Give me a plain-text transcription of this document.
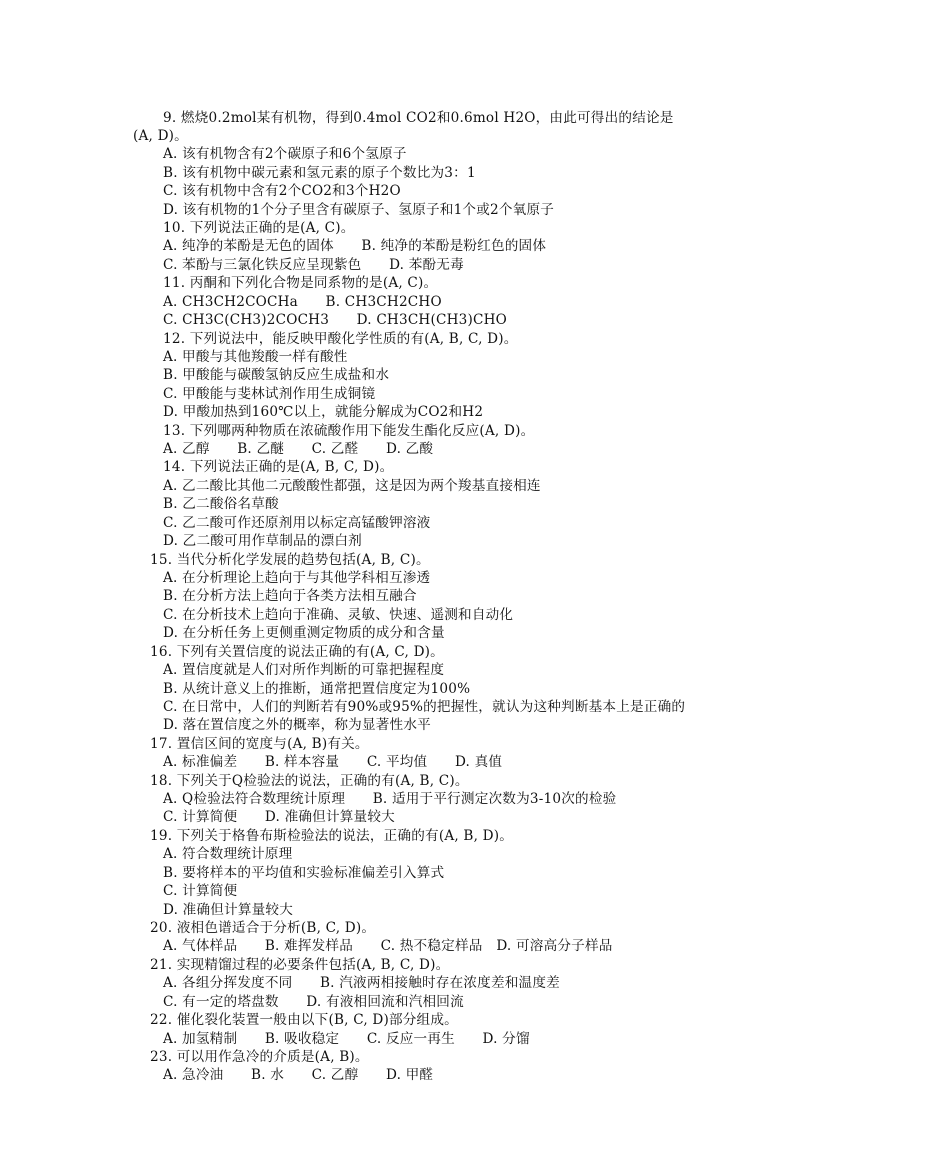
9. 燃烧0.2mol某有机物，得到0.4mol CO2和0.6mol H2O，由此可得出的结论是
(A, D)。
A. 该有机物含有2个碳原子和6个氢原子
B. 该有机物中碳元素和氢元素的原子个数比为3：1
C. 该有机物中含有2个CO2和3个H2O
D. 该有机物的1个分子里含有碳原子、氢原子和1个或2个氧原子
10. 下列说法正确的是(A, C)。
A. 纯净的苯酚是无色的固体　　B. 纯净的苯酚是粉红色的固体
C. 苯酚与三氯化铁反应呈现紫色　　D. 苯酚无毒
11. 丙酮和下列化合物是同系物的是(A, C)。
A. CH3CH2COCHa　　B. CH3CH2CHO
C. CH3C(CH3)2COCH3　　D. CH3CH(CH3)CHO
12. 下列说法中，能反映甲酸化学性质的有(A, B, C, D)。
A. 甲酸与其他羧酸一样有酸性
B. 甲酸能与碳酸氢钠反应生成盐和水
C. 甲酸能与斐林试剂作用生成铜镜
D. 甲酸加热到160℃以上，就能分解成为CO2和H2
13. 下列哪两种物质在浓硫酸作用下能发生酯化反应(A, D)。
A. 乙醇　　B. 乙醚　　C. 乙醛　　D. 乙酸
14. 下列说法正确的是(A, B, C, D)。
A. 乙二酸比其他二元酸酸性都强，这是因为两个羧基直接相连
B. 乙二酸俗名草酸
C. 乙二酸可作还原剂用以标定高锰酸钾溶液
D. 乙二酸可用作草制品的漂白剂
15. 当代分析化学发展的趋势包括(A, B, C)。
A. 在分析理论上趋向于与其他学科相互渗透
B. 在分析方法上趋向于各类方法相互融合
C. 在分析技术上趋向于准确、灵敏、快速、遥测和自动化
D. 在分析任务上更侧重测定物质的成分和含量
16. 下列有关置信度的说法正确的有(A, C, D)。
A. 置信度就是人们对所作判断的可靠把握程度
B. 从统计意义上的推断，通常把置信度定为100%
C. 在日常中，人们的判断若有90%或95%的把握性，就认为这种判断基本上是正确的
D. 落在置信度之外的概率，称为显著性水平
17. 置信区间的宽度与(A, B)有关。
A. 标准偏差　　B. 样本容量　　C. 平均值　　D. 真值
18. 下列关于Q检验法的说法，正确的有(A, B, C)。
A. Q检验法符合数理统计原理　　B. 适用于平行测定次数为3-10次的检验
C. 计算简便　　D. 准确但计算量较大
19. 下列关于格鲁布斯检验法的说法，正确的有(A, B, D)。
A. 符合数理统计原理
B. 要将样本的平均值和实验标准偏差引入算式
C. 计算简便
D. 准确但计算量较大
20. 液相色谱适合于分析(B, C, D)。
A. 气体样品　　B. 难挥发样品　　C. 热不稳定样品　D. 可溶高分子样品
21. 实现精馏过程的必要条件包括(A, B, C, D)。
A. 各组分挥发度不同　　B. 汽液两相接触时存在浓度差和温度差
C. 有一定的塔盘数　　D. 有液相回流和汽相回流
22. 催化裂化装置一般由以下(B, C, D)部分组成。
A. 加氢精制　　B. 吸收稳定　　C. 反应一再生　　D. 分馏
23. 可以用作急冷的介质是(A, B)。
A. 急冷油　　B. 水　　C. 乙醇　　D. 甲醛
